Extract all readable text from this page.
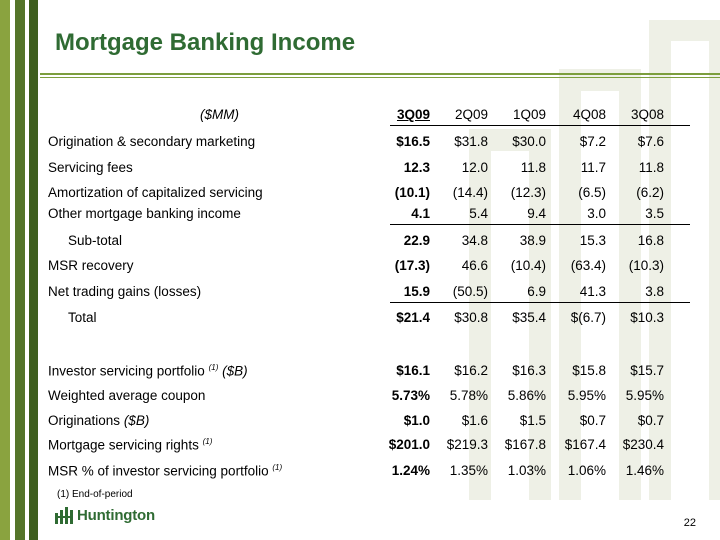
Mortgage Banking Income
($MM)	3Q09 2Q09 1Q09 4Q08 3Q08
Origination & secondary marketing	$16.5 $31.8 $30.0 $7.2 $7.6
Servicing fees	12.3 12.0 11.8	11.7 11.8
Amortization of capitalized servicing	(10.1) (14.4) (12.3) (6.5) (6.2)
Other mortgage banking income	4.1	5.4	9.4	3.0	3.5
Sub-total	22.9 34.8 38.9 15.3 16.8
MSR recovery	(17.3) 46.6 (10.4) (63.4) (10.3)
Net trading gains (losses)	15.9 (50.5)	6.9 41.3	3.8
Total	$21.4 $30.8 $35.4 $(6.7) $10.3
Investor servicing portfolio $^{(1)}$ ($B)	$16.1 $16.2 $16.3 $15.8 $15.7
Weighted average coupon	5.73% 5.78% 5.86% 5.95% 5.95%
Originations ($B)	$1.0 $1.6 $1.5 $0.7 $0.7
Mortgage servicing rights $^{(1)}$	$201.0 $219.3 $167.8 $167.4 $230.4
MSR % of investor servicing portfolio $^{(1)}$	1.24% 1.35% 1.03% 1.06% 1.46%
(1) End-of-period
Huntington	22
